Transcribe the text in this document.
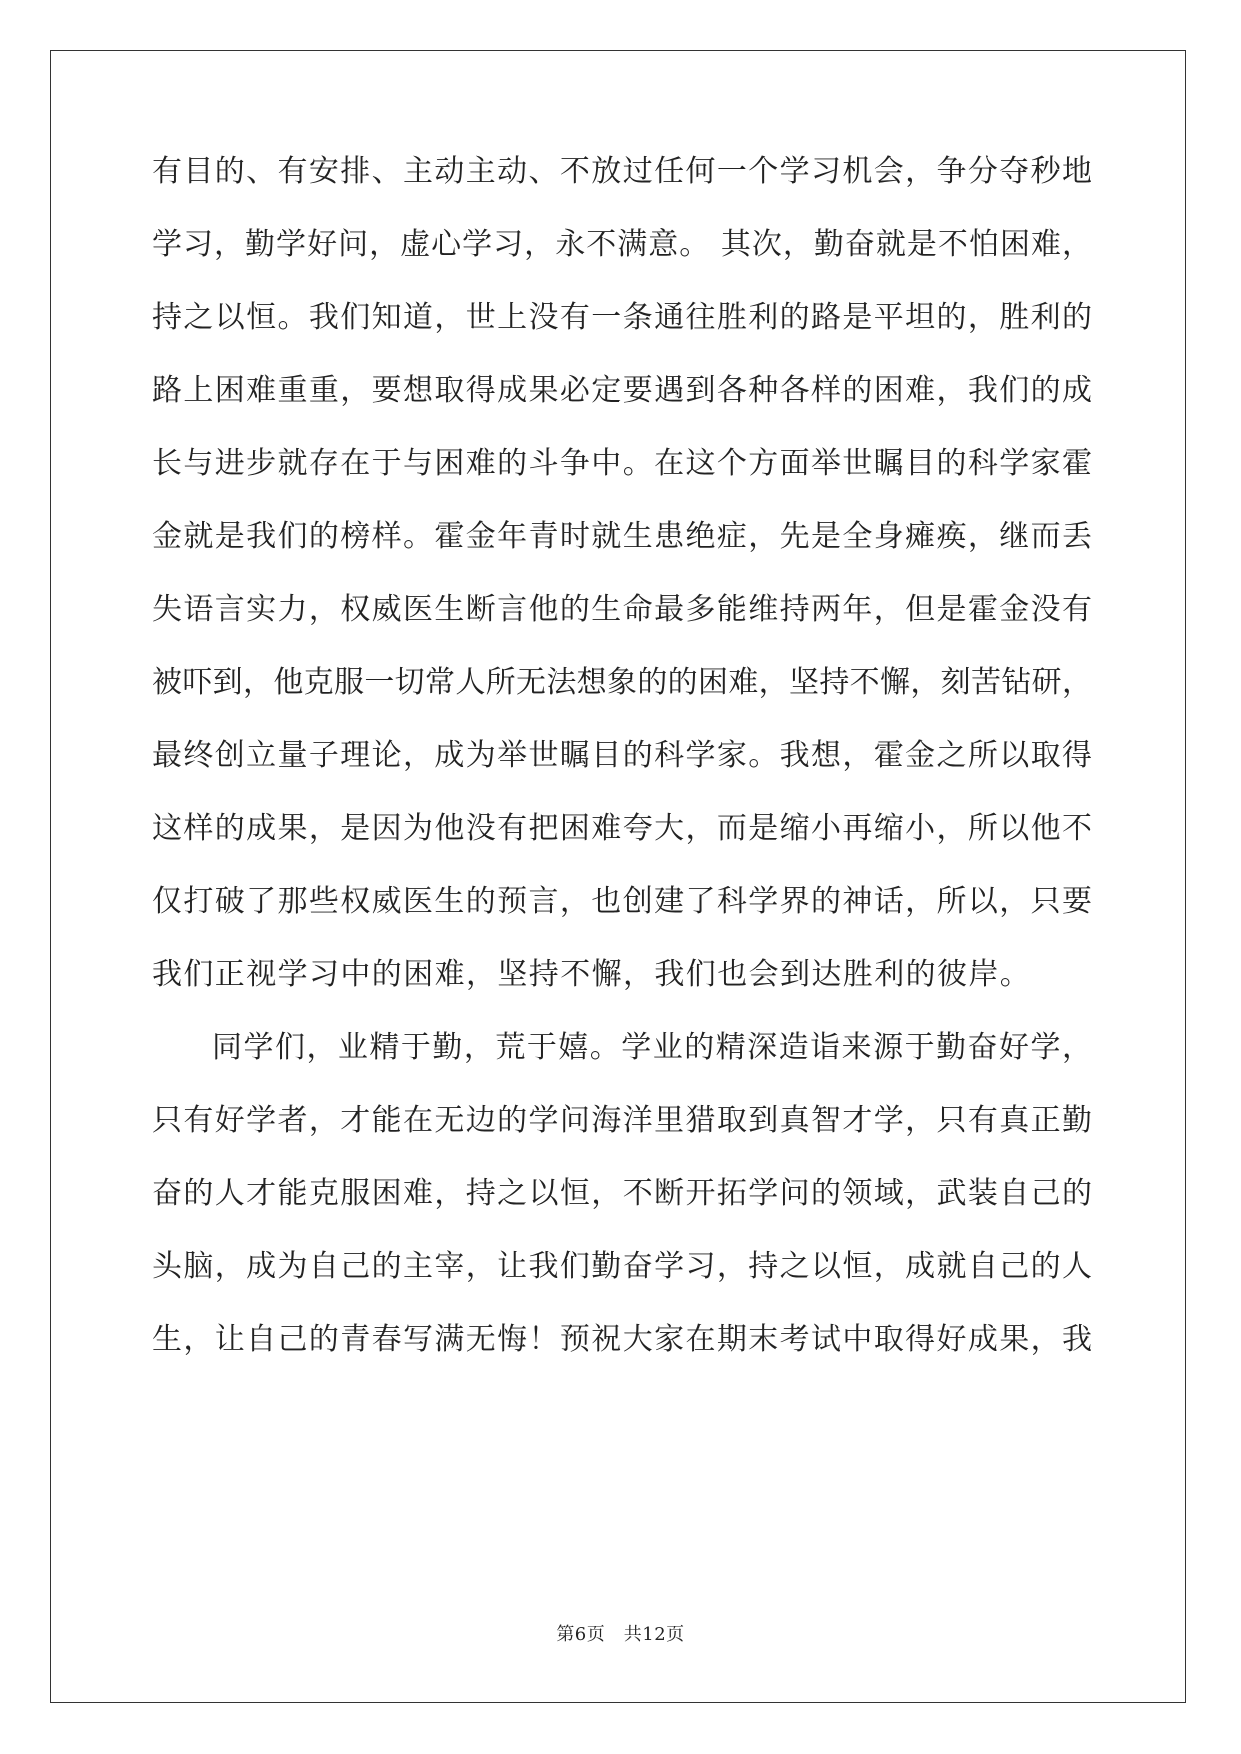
有目的、有安排、主动主动、不放过任何一个学习机会，争分夺秒地
学习，勤学好问，虚心学习，永不满意。 其次，勤奋就是不怕困难，
持之以恒。我们知道，世上没有一条通往胜利的路是平坦的，胜利的
路上困难重重，要想取得成果必定要遇到各种各样的困难，我们的成
长与进步就存在于与困难的斗争中。在这个方面举世瞩目的科学家霍
金就是我们的榜样。霍金年青时就生患绝症，先是全身瘫痪，继而丢
失语言实力，权威医生断言他的生命最多能维持两年，但是霍金没有
被吓到，他克服一切常人所无法想象的的困难，坚持不懈，刻苦钻研，
最终创立量子理论，成为举世瞩目的科学家。我想，霍金之所以取得
这样的成果，是因为他没有把困难夸大，而是缩小再缩小，所以他不
仅打破了那些权威医生的预言，也创建了科学界的神话，所以，只要
我们正视学习中的困难，坚持不懈，我们也会到达胜利的彼岸。
同学们，业精于勤，荒于嬉。学业的精深造诣来源于勤奋好学，
只有好学者，才能在无边的学问海洋里猎取到真智才学，只有真正勤
奋的人才能克服困难，持之以恒，不断开拓学问的领域，武装自己的
头脑，成为自己的主宰，让我们勤奋学习，持之以恒，成就自己的人
生，让自己的青春写满无悔！预祝大家在期末考试中取得好成果，我
第6页　共12页
